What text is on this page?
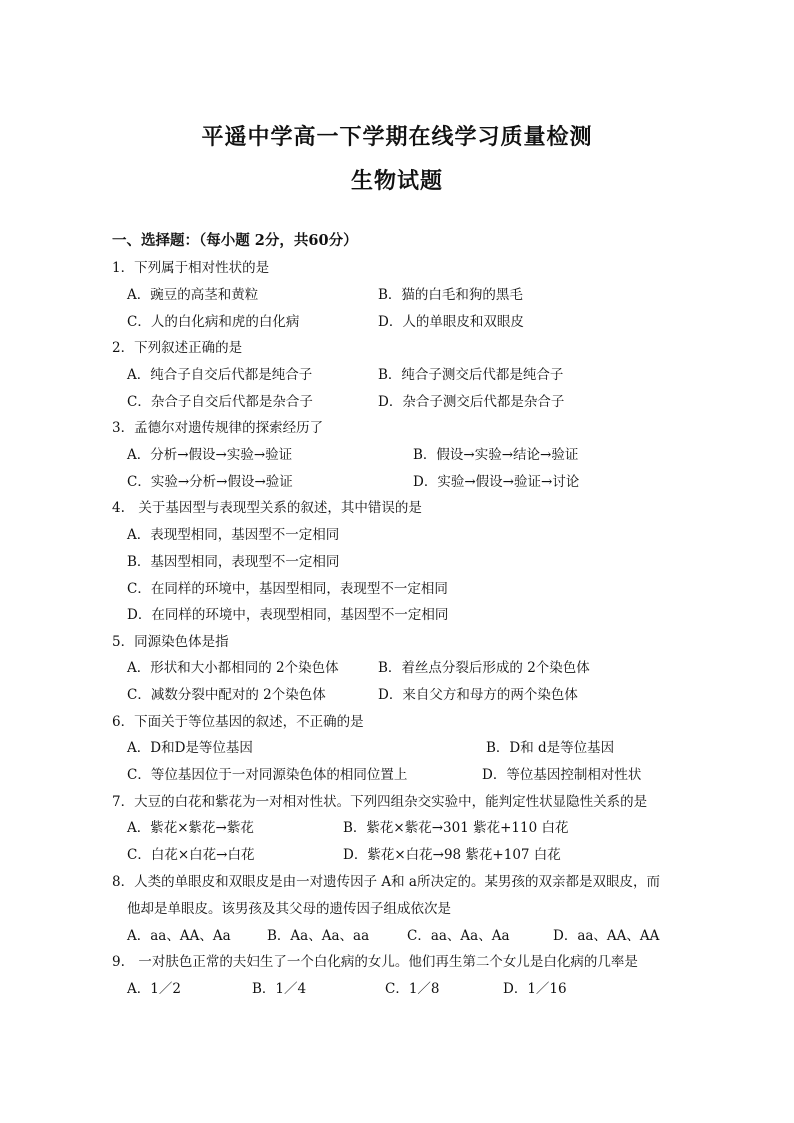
平遥中学高一下学期在线学习质量检测
生物试题
一、选择题：（每小题 2分，共60分）
1．下列属于相对性状的是
A．豌豆的高茎和黄粒	B．猫的白毛和狗的黑毛
C．人的白化病和虎的白化病	D．人的单眼皮和双眼皮
2．下列叙述正确的是
A．纯合子自交后代都是纯合子	B．纯合子测交后代都是纯合子
C．杂合子自交后代都是杂合子	D．杂合子测交后代都是杂合子
3．孟德尔对遗传规律的探索经历了
A．分析→假设→实验→验证	B．假设→实验→结论→验证
C．实验→分析→假设→验证	D．实验→假设→验证→讨论
4.　关于基因型与表现型关系的叙述，其中错误的是
A．表现型相同，基因型不一定相同
B．基因型相同，表现型不一定相同
C．在同样的环境中，基因型相同，表现型不一定相同
D．在同样的环境中，表现型相同，基因型不一定相同
5．同源染色体是指
A．形状和大小都相同的 2个染色体	B．着丝点分裂后形成的 2个染色体
C．减数分裂中配对的 2个染色体	D．来自父方和母方的两个染色体
6．下面关于等位基因的叙述，不正确的是
A．D和D是等位基因	B．D和 d是等位基因
C．等位基因位于一对同源染色体的相同位置上	D．等位基因控制相对性状
7．大豆的白花和紫花为一对相对性状。下列四组杂交实验中，能判定性状显隐性关系的是
A．紫花×紫花→紫花	B．紫花×紫花→301 紫花+110 白花
C．白花×白花→白花	D．紫花×白花→98 紫花+107 白花
8．人类的单眼皮和双眼皮是由一对遗传因子 A和 a所决定的。某男孩的双亲都是双眼皮，而
他却是单眼皮。该男孩及其父母的遗传因子组成依次是
A．aa、AA、Aa	B．Aa、Aa、aa	C．aa、Aa、Aa	D．aa、AA、AA
9.　一对肤色正常的夫妇生了一个白化病的女儿。他们再生第二个女儿是白化病的几率是
A．1／2	B．1／4	C．1／8	D．1／16
